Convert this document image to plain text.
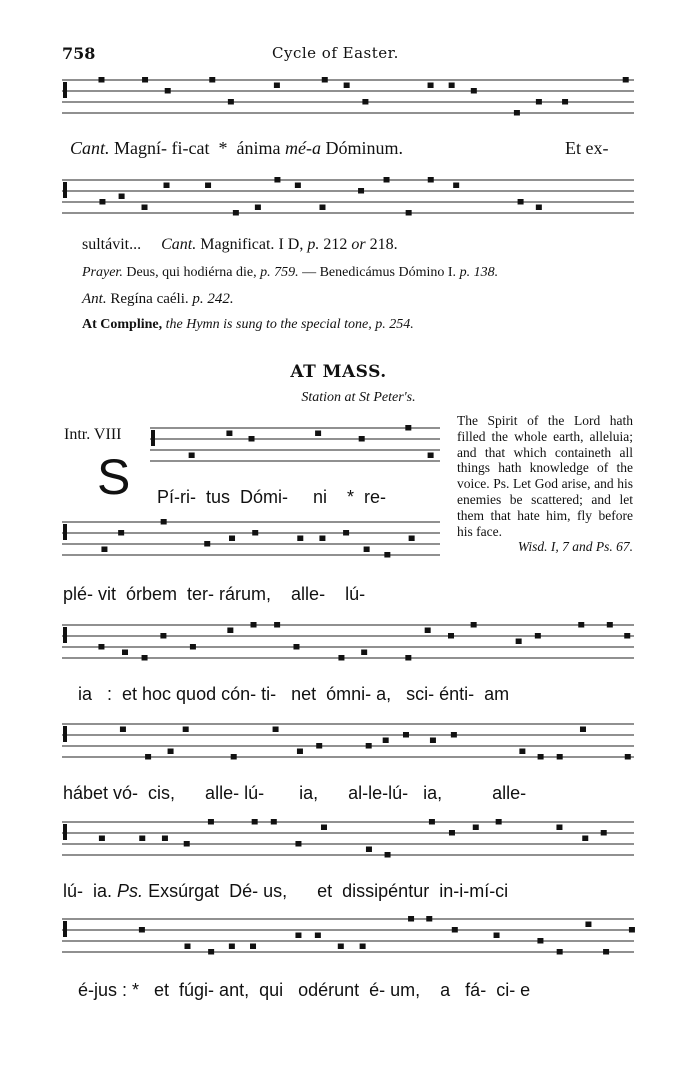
758	Cycle of Easter.
Cant. Magní- fi-cat * ánima mé-a Dóminum.	Et ex-
sultávit... Cant. Magnificat. I D, p. 212 or 218.
Prayer. Deus, qui hodiérna die, p. 759. — Benedicámus Dómino I. p. 138.
Ant. Regína caéli. p. 242.
At Compline, the Hymn is sung to the special tone, p. 254.
AT MASS.
Station at St Peter's.
Intr. VIII
S
The Spirit of the Lord hath filled the whole earth, alleluia; and that which containeth all things hath knowledge of the voice. Ps. Let God arise, and his enemies be scattered; and let them that hate him, fly before his face.
Wisd. I, 7 and Ps. 67.
Pí-ri-  tus  Dómi-     ni    *  re-
plé- vit  órbem  ter- rárum,    alle-    lú-
ia   :  et hoc quod cón- ti-   net  ómni- a,   sci- énti-  am
hábet vó-  cis,      alle- lú-       ia,      al-le-lú-   ia,          alle-
lú-  ia. Ps. Exsúrgat  Dé- us,      et  dissipéntur  in-i-mí-ci
é-jus : *   et  fúgi- ant,  qui   odérunt  é- um,    a   fá-  ci- e
